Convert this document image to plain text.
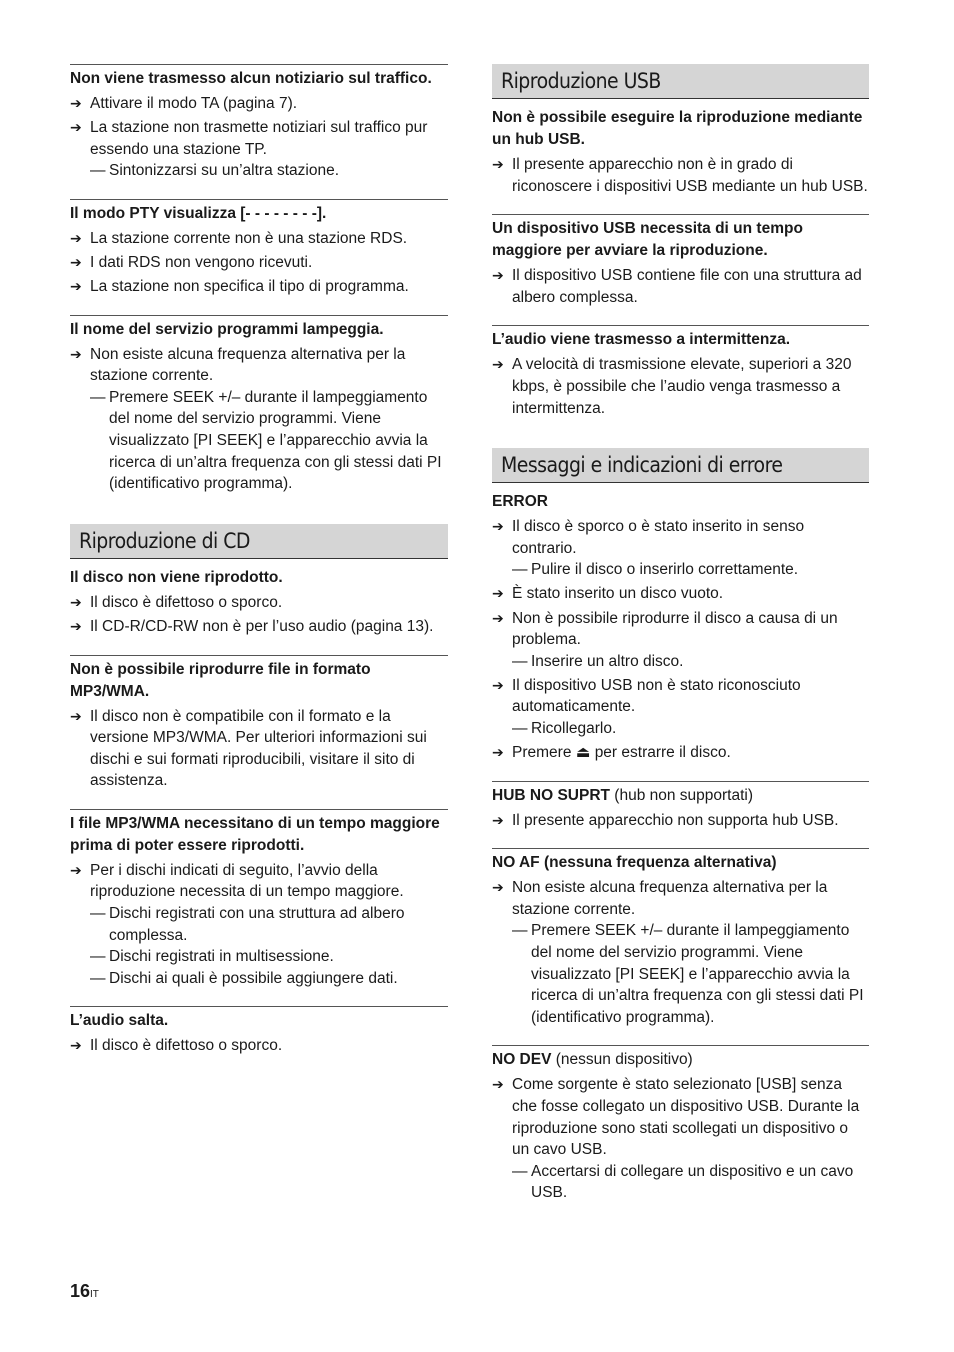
Non viene trasmesso alcun notiziario sul traffico.
➔ Attivare il modo TA (pagina 7).
➔ La stazione non trasmette notiziari sul traffico pur essendo una stazione TP.
— Sintonizzarsi su un’altra stazione.
Il modo PTY visualizza [- - - - - - - -].
➔ La stazione corrente non è una stazione RDS.
➔ I dati RDS non vengono ricevuti.
➔ La stazione non specifica il tipo di programma.
Il nome del servizio programmi lampeggia.
➔ Non esiste alcuna frequenza alternativa per la stazione corrente.
— Premere SEEK +/– durante il lampeggiamento del nome del servizio programmi. Viene visualizzato [PI SEEK] e l’apparecchio avvia la ricerca di un’altra frequenza con gli stessi dati PI (identificativo programma).
Riproduzione di CD
Il disco non viene riprodotto.
➔ Il disco è difettoso o sporco.
➔ Il CD-R/CD-RW non è per l’uso audio (pagina 13).
Non è possibile riprodurre file in formato MP3/WMA.
➔ Il disco non è compatibile con il formato e la versione MP3/WMA. Per ulteriori informazioni sui dischi e sui formati riproducibili, visitare il sito di assistenza.
I file MP3/WMA necessitano di un tempo maggiore prima di poter essere riprodotti.
➔ Per i dischi indicati di seguito, l’avvio della riproduzione necessita di un tempo maggiore.
— Dischi registrati con una struttura ad albero complessa.
— Dischi registrati in multisessione.
— Dischi ai quali è possibile aggiungere dati.
L’audio salta.
➔ Il disco è difettoso o sporco.
Riproduzione USB
Non è possibile eseguire la riproduzione mediante un hub USB.
➔ Il presente apparecchio non è in grado di riconoscere i dispositivi USB mediante un hub USB.
Un dispositivo USB necessita di un tempo maggiore per avviare la riproduzione.
➔ Il dispositivo USB contiene file con una struttura ad albero complessa.
L’audio viene trasmesso a intermittenza.
➔ A velocità di trasmissione elevate, superiori a 320 kbps, è possibile che l’audio venga trasmesso a intermittenza.
Messaggi e indicazioni di errore
ERROR
➔ Il disco è sporco o è stato inserito in senso contrario.
— Pulire il disco o inserirlo correttamente.
➔ È stato inserito un disco vuoto.
➔ Non è possibile riprodurre il disco a causa di un problema.
— Inserire un altro disco.
➔ Il dispositivo USB non è stato riconosciuto automaticamente.
— Ricollegarlo.
➔ Premere ⏏ per estrarre il disco.
HUB NO SUPRT (hub non supportati)
➔ Il presente apparecchio non supporta hub USB.
NO AF (nessuna frequenza alternativa)
➔ Non esiste alcuna frequenza alternativa per la stazione corrente.
— Premere SEEK +/– durante il lampeggiamento del nome del servizio programmi. Viene visualizzato [PI SEEK] e l’apparecchio avvia la ricerca di un’altra frequenza con gli stessi dati PI (identificativo programma).
NO DEV (nessun dispositivo)
➔ Come sorgente è stato selezionato [USB] senza che fosse collegato un dispositivo USB. Durante la riproduzione sono stati scollegati un dispositivo o un cavo USB.
— Accertarsi di collegare un dispositivo e un cavo USB.
16IT
